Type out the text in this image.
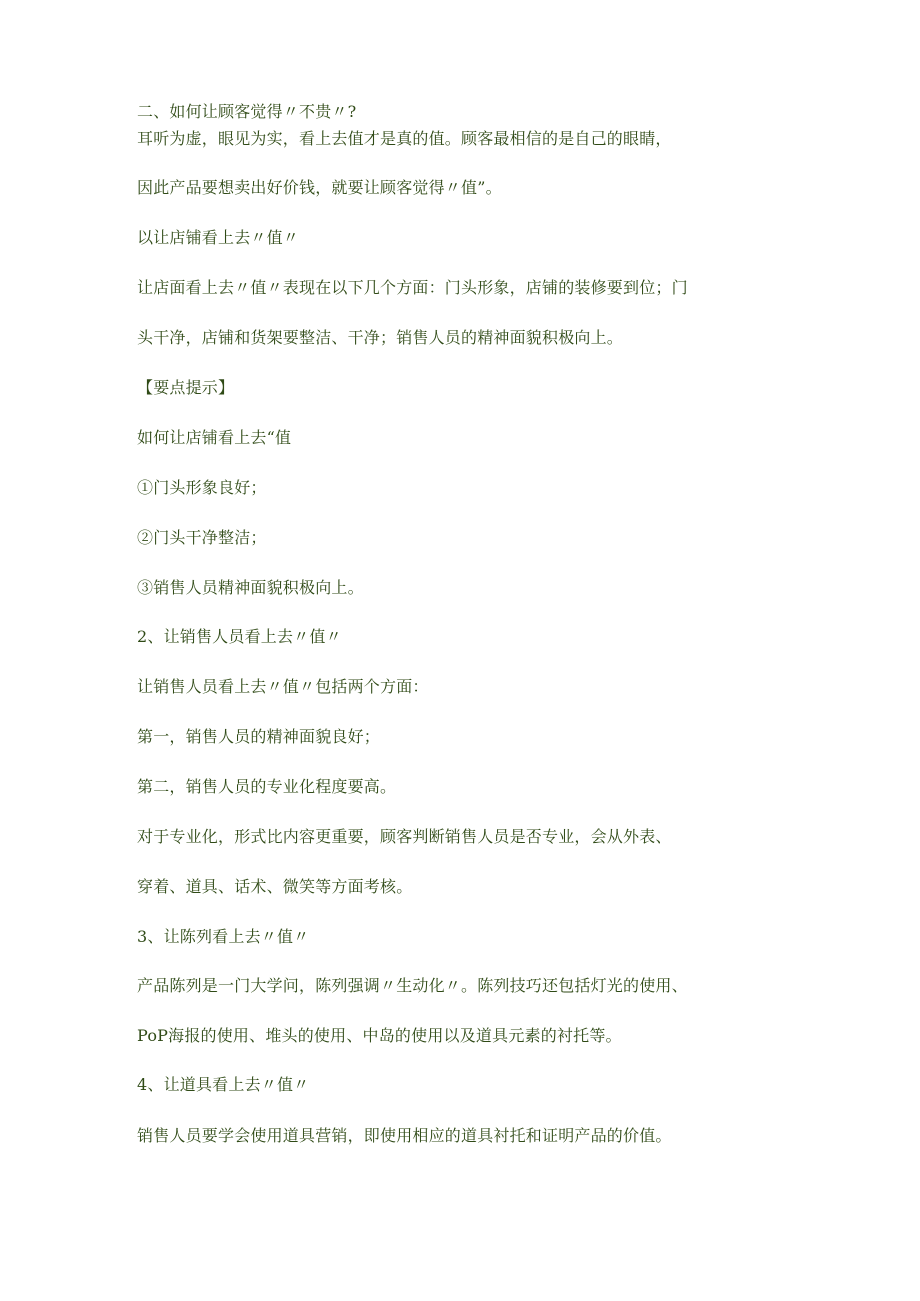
二、如何让顾客觉得〃不贵〃?
耳听为虚，眼见为实，看上去值才是真的值。顾客最相信的是自己的眼睛，
因此产品要想卖出好价钱，就要让顾客觉得〃值”。
以让店铺看上去〃值〃
让店面看上去〃值〃表现在以下几个方面：门头形象，店铺的装修要到位；门
头干净，店铺和货架要整洁、干净；销售人员的精神面貌积极向上。
【要点提示】
如何让店铺看上去“值
①门头形象良好；
②门头干净整洁；
③销售人员精神面貌积极向上。
2、让销售人员看上去〃值〃
让销售人员看上去〃值〃包括两个方面：
第一，销售人员的精神面貌良好；
第二，销售人员的专业化程度要高。
对于专业化，形式比内容更重要，顾客判断销售人员是否专业，会从外表、
穿着、道具、话术、微笑等方面考核。
3、让陈列看上去〃值〃
产品陈列是一门大学问，陈列强调〃生动化〃。陈列技巧还包括灯光的使用、
PoP海报的使用、堆头的使用、中岛的使用以及道具元素的衬托等。
4、让道具看上去〃值〃
销售人员要学会使用道具营销，即使用相应的道具衬托和证明产品的价值。
